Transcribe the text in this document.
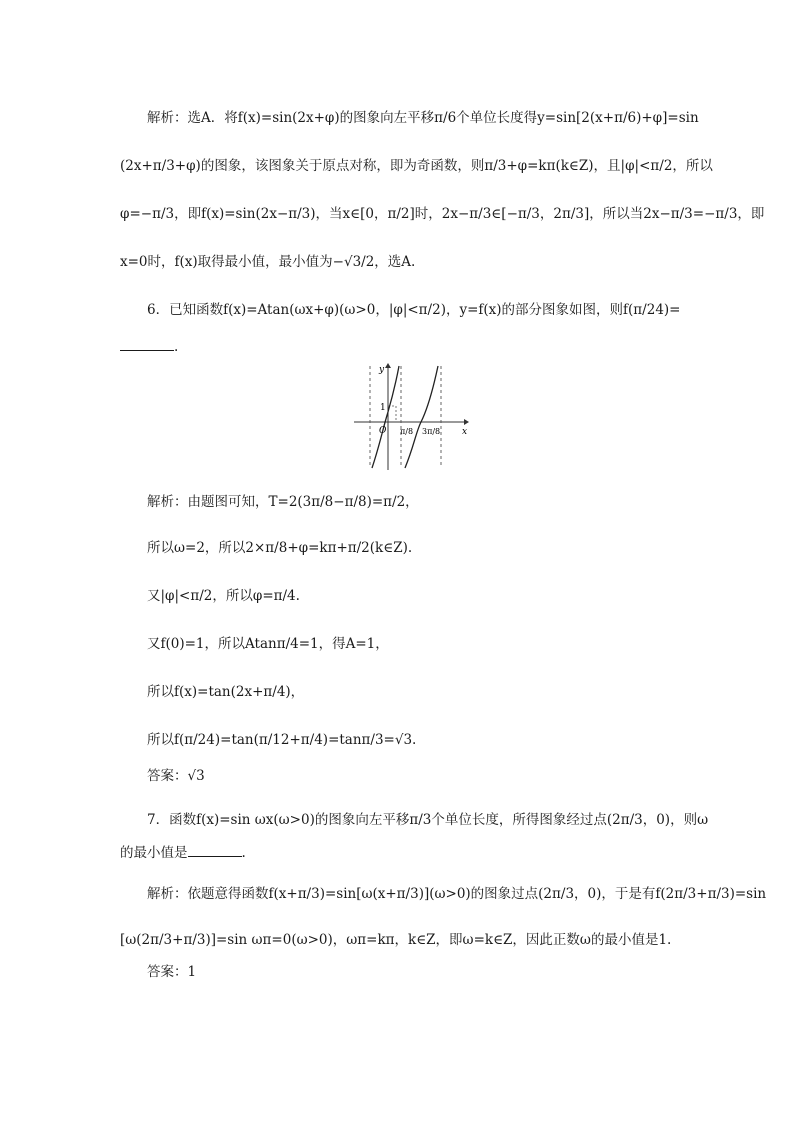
解析：选A．将f(x)=sin(2x+φ)的图象向左平移π/6个单位长度得y=sin[2(x+π/6)+φ]=sin
(2x+π/3+φ)的图象，该图象关于原点对称，即为奇函数，则π/3+φ=kπ(k∈Z)，且|φ|<π/2，所以
φ=−π/3，即f(x)=sin(2x−π/3)，当x∈[0，π/2]时，2x−π/3∈[−π/3，2π/3]，所以当2x−π/3=−π/3，即
x=0时，f(x)取得最小值，最小值为−√3/2，选A.
6．已知函数f(x)=Atan(ωx+φ)(ω>0，|φ|<π/2)，y=f(x)的部分图象如图，则f(π/24)=
.
y
x
O
1
π/8 3π/8
解析：由题图可知，T=2(3π/8−π/8)=π/2，
所以ω=2，所以2×π/8+φ=kπ+π/2(k∈Z).
又|φ|<π/2，所以φ=π/4.
又f(0)=1，所以Atanπ/4=1，得A=1，
所以f(x)=tan(2x+π/4)，
所以f(π/24)=tan(π/12+π/4)=tanπ/3=√3.
答案：√3
7．函数f(x)=sin ωx(ω>0)的图象向左平移π/3个单位长度，所得图象经过点(2π/3，0)，则ω
的最小值是	.
解析：依题意得函数f(x+π/3)=sin[ω(x+π/3)](ω>0)的图象过点(2π/3，0)，于是有f(2π/3+π/3)=sin
[ω(2π/3+π/3)]=sin ωπ=0(ω>0)，ωπ=kπ，k∈Z，即ω=k∈Z，因此正数ω的最小值是1.
答案：1
